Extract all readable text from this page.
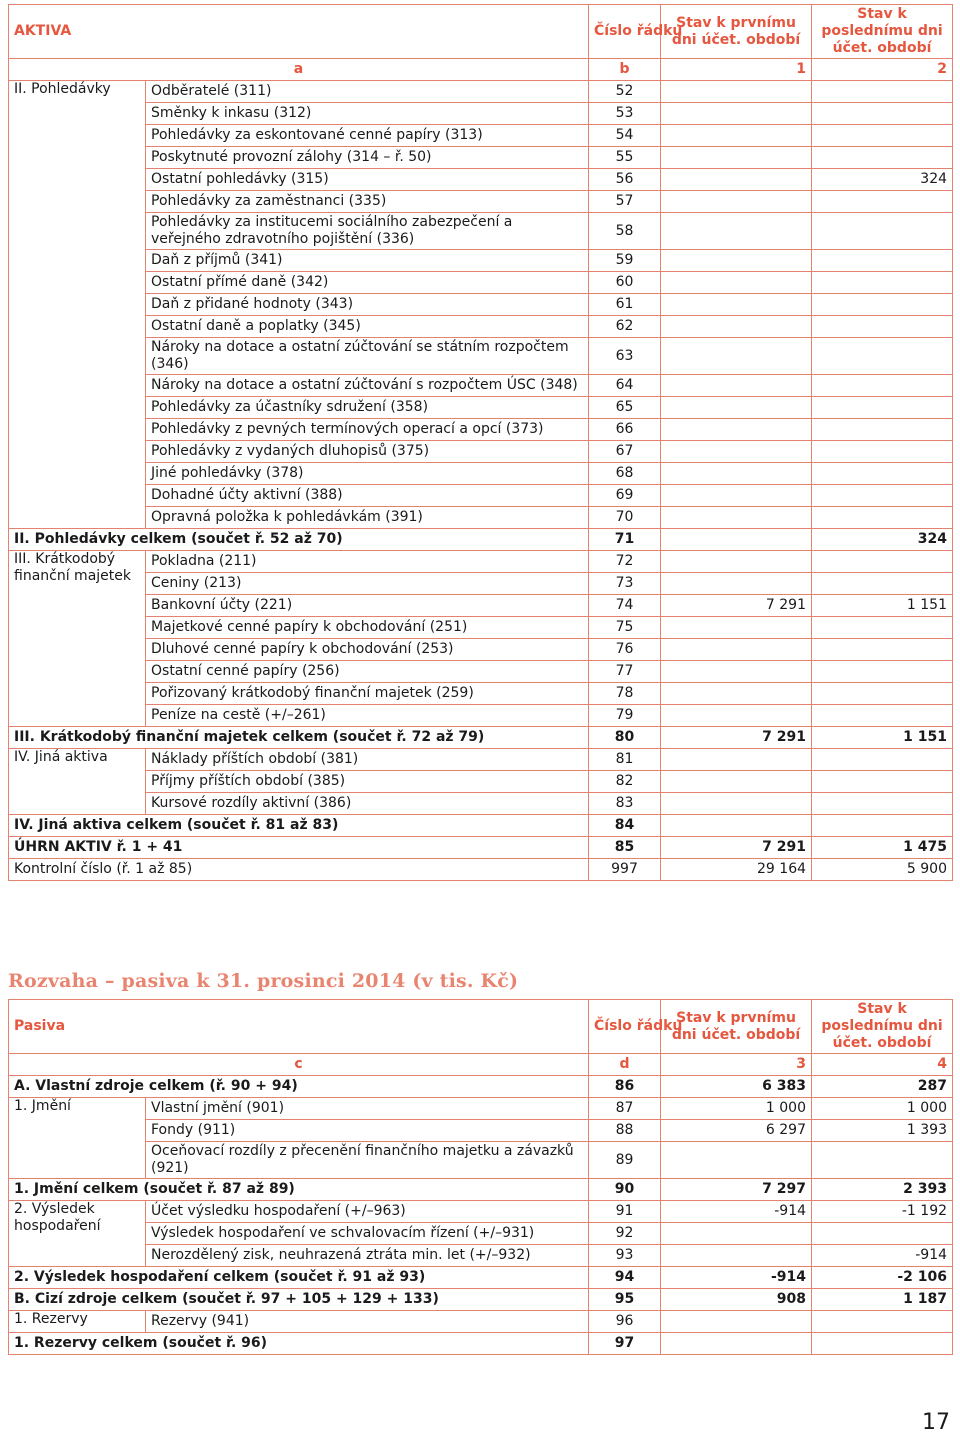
AKTIVA		Číslo řádku	Stav k prvnímu dni účet. období	Stav k poslednímu dni účet. období
a		b	1	2
II. Pohledávky	Odběratelé (311)	52		
	Směnky k inkasu (312)	53		
	Pohledávky za eskontované cenné papíry (313)	54		
	Poskytnuté provozní zálohy (314 – ř. 50)	55		
	Ostatní pohledávky (315)	56		324
	Pohledávky za zaměstnanci (335)	57		
	Pohledávky za institucemi sociálního zabezpečení a veřejného zdravotního pojištění (336)	58		
	Daň z příjmů (341)	59		
	Ostatní přímé daně (342)	60		
	Daň z přidané hodnoty (343)	61		
	Ostatní daně a poplatky (345)	62		
	Nároky na dotace a ostatní zúčtování se státním rozpočtem (346)	63		
	Nároky na dotace a ostatní zúčtování s rozpočtem ÚSC (348)	64		
	Pohledávky za účastníky sdružení (358)	65		
	Pohledávky z pevných termínových operací a opcí (373)	66		
	Pohledávky z vydaných dluhopisů (375)	67		
	Jiné pohledávky (378)	68		
	Dohadné účty aktivní (388)	69		
	Opravná položka k pohledávkám (391)	70		
II. Pohledávky celkem (součet ř. 52 až 70)		71		324
III. Krátkodobý finanční majetek	Pokladna (211)	72		
	Ceniny (213)	73		
	Bankovní účty (221)	74	7 291	1 151
	Majetkové cenné papíry k obchodování (251)	75		
	Dluhové cenné papíry k obchodování (253)	76		
	Ostatní cenné papíry (256)	77		
	Pořizovaný krátkodobý finanční majetek (259)	78		
	Peníze na cestě (+/–261)	79		
III. Krátkodobý finanční majetek celkem (součet ř. 72 až 79)		80	7 291	1 151
IV. Jiná aktiva	Náklady příštích období (381)	81		
	Příjmy příštích období (385)	82		
	Kursové rozdíly aktivní (386)	83		
IV. Jiná aktiva celkem (součet ř. 81 až 83)		84		
ÚHRN AKTIV ř. 1 + 41		85	7 291	1 475
Kontrolní číslo (ř. 1 až 85)		997	29 164	5 900
Rozvaha – pasiva k 31. prosinci 2014 (v tis. Kč)
Pasiva		Číslo řádku	Stav k prvnímu dni účet. období	Stav k poslednímu dni účet. období
c		d	3	4
A. Vlastní zdroje celkem (ř. 90 + 94)		86	6 383	287
1. Jmění	Vlastní jmění (901)	87	1 000	1 000
	Fondy (911)	88	6 297	1 393
	Oceňovací rozdíly z přecenění finančního majetku a závazků (921)	89		
1. Jmění celkem (součet ř. 87 až 89)		90	7 297	2 393
2. Výsledek hospodaření	Účet výsledku hospodaření (+/–963)	91	-914	-1 192
	Výsledek hospodaření ve schvalovacím řízení (+/–931)	92		
	Nerozdělený zisk, neuhrazená ztráta min. let (+/–932)	93		-914
2. Výsledek hospodaření celkem (součet ř. 91 až 93)		94	-914	-2 106
B. Cizí zdroje celkem (součet ř. 97 + 105 + 129 + 133)		95	908	1 187
1. Rezervy	Rezervy (941)	96		
1. Rezervy celkem (součet ř. 96)		97		
17
